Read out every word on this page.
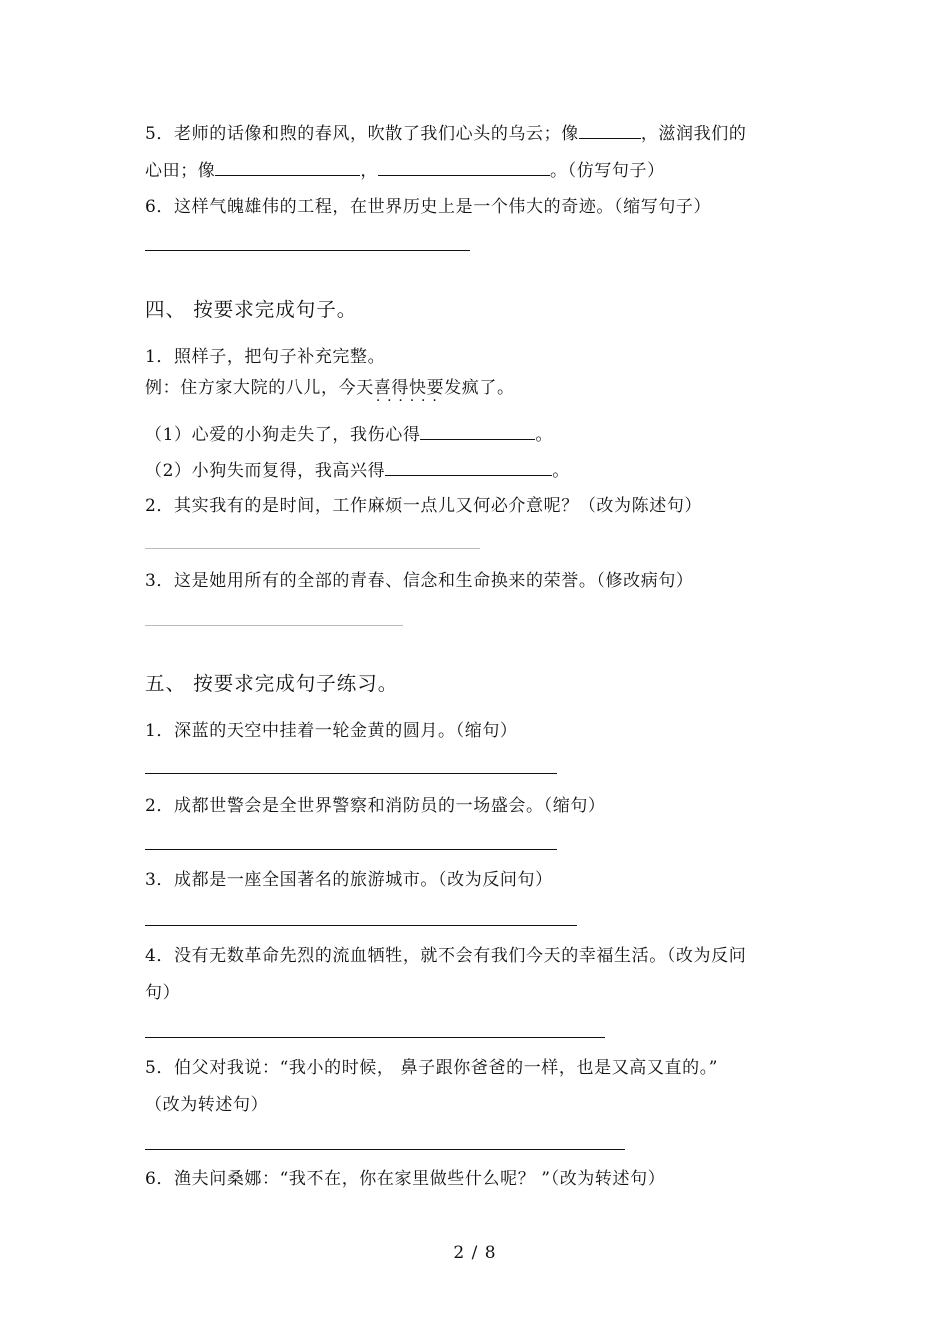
5．老师的话像和煦的春风，吹散了我们心头的乌云；像	，滋润我们的
心田；像	，	。（仿写句子）
6．这样气魄雄伟的工程，在世界历史上是一个伟大的奇迹。（缩写句子）
四、 按要求完成句子。
1．照样子，把句子补充完整。
例：住方家大院的八儿，今天喜得快要发疯 · · ·了。
（1）心爱的小狗走失了，我伤心得	。
（2）小狗失而复得，我高兴得	。
2．其实我有的是时间，工作麻烦一点儿又何必介意呢？（改为陈述句）
3．这是她用所有的全部的青春、信念和生命换来的荣誉。（修改病句）
五、 按要求完成句子练习。
1．深蓝的天空中挂着一轮金黄的圆月。（缩句）
2．成都世警会是全世界警察和消防员的一场盛会。（缩句）
3．成都是一座全国著名的旅游城市。（改为反问句）
4．没有无数革命先烈的流血牺牲，就不会有我们今天的幸福生活。（改为反问
句）
5．伯父对我说：“我小的时候， 鼻子跟你爸爸的一样，也是又高又直的。”
（改为转述句）
6．渔夫问桑娜：“我不在，你在家里做些什么呢？ ”（改为转述句）
2 / 8
